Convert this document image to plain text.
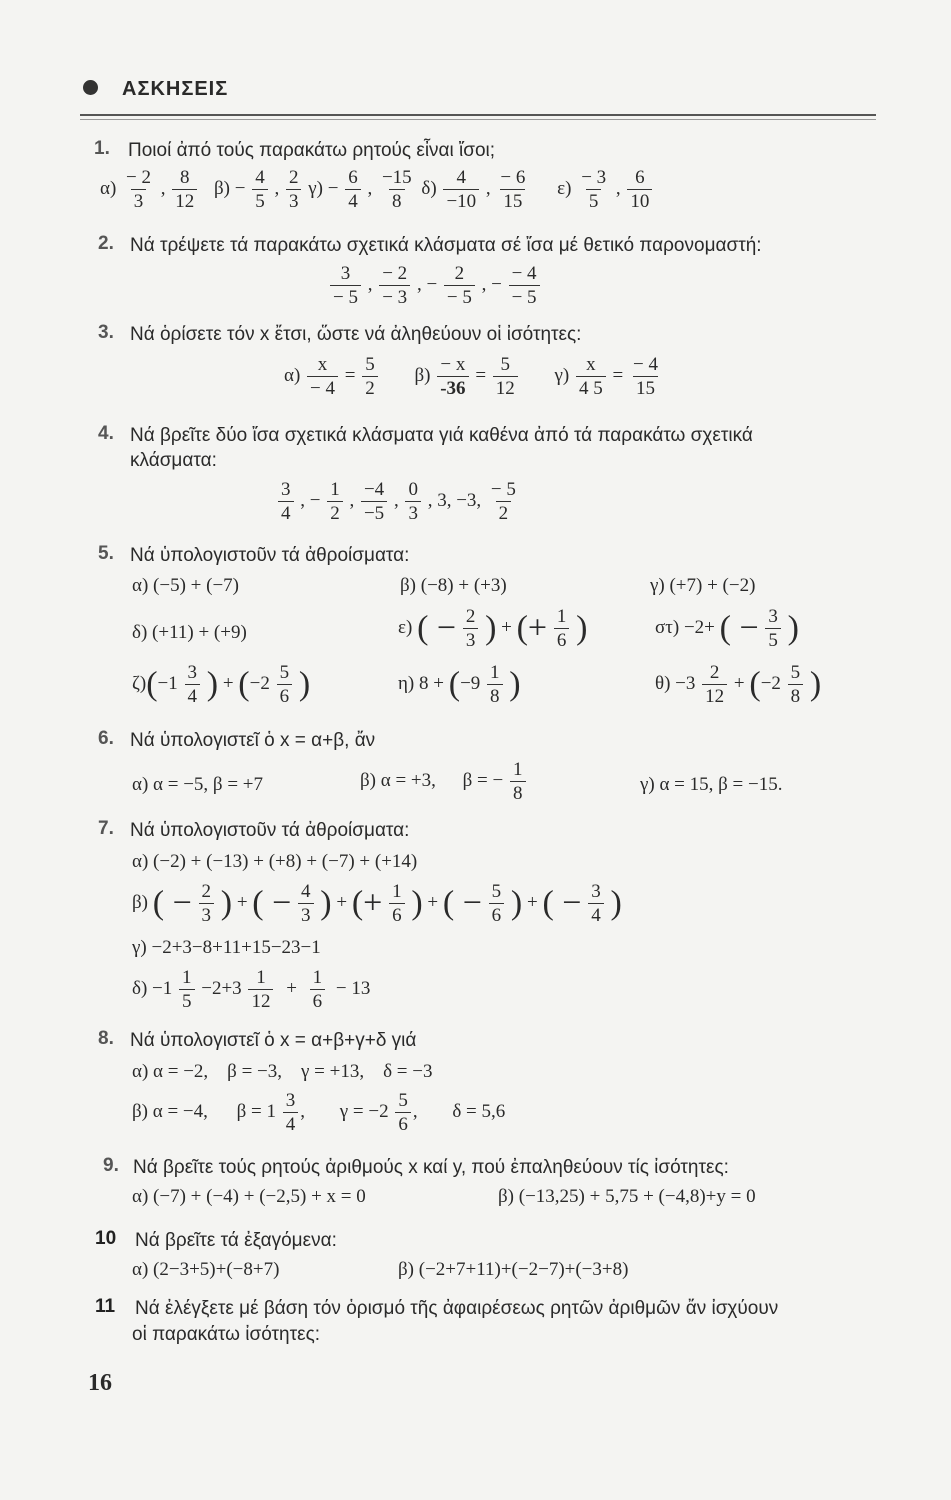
ΑΣΚΗΣΕΙΣ
1. Ποιοί ἀπό τούς παρακάτω ρητούς εἶναι ἴσοι;
$\alpha) \frac{- 2}{3}$ , $\frac{8}{12} \beta) - \frac{4}{5}$ , $\frac{2}{3} \gamma) - \frac{6}{4}$ , $\frac{-15}{8} \delta) \frac{4}{-10}$ , $\frac{- 6}{15} \varepsilon) \frac{- 3}{5}$ , $\frac{6}{10}$
2. Νά τρέψετε τά παρακάτω σχετικά κλάσματα σέ ἴσα μέ θετικό παρονομαστή:
$\frac{3}{- 5}$ , $\frac{- 2}{- 3}$ , − $\frac{2}{- 5}$ , − $\frac{- 4}{- 5}$
3. Νά ὁρίσετε τόν x ἔτσι, ὥστε νά ἀληθεύουν οἱ ἰσότητες:
$\alpha) \frac{x}{- 4} = \frac{5}{2} \beta) \frac{- x}{-36} = \frac{5}{12} \gamma) \frac{x}{4 5} = \frac{- 4}{15}$
4. Νά βρεῖτε δύο ἴσα σχετικά κλάσματα γιά καθένα ἀπό τά παρακάτω σχετικά
κλάσματα:
$\frac{3}{4}$ , − $\frac{1}{2}$ , $\frac{-4}{-5}$ , $\frac{0}{3}$ , 3, −3, $\frac{- 5}{2}$
5. Νά ὑπολογιστοῦν τά ἀθροίσματα:
α) (−5) + (−7)	β) (−8) + (+3)	γ) (+7) + (−2)
δ) (+11) + (+9)	ε) ( − $\frac{2}{3}$ ) + (+ $\frac{1}{6}$ )	στ) −2+ ( − $\frac{3}{5}$ )
$\zeta)(-1 \frac{3}{4}$ ) + ($-2 \frac{5}{6}$ )	η) $8 + (-9 \frac{1}{8}$ )	$\theta) -3 \frac{2}{12} + (-2 \frac{5}{8}$ )
6. Νά ὑπολογιστεῖ ὁ x = α+β, ἄν
α) α = −5, β = +7	β) α = +3, β = − $\frac{1}{8}$	γ) α = 15, β = −15.
7. Νά ὑπολογιστοῦν τά ἀθροίσματα:
α) (−2) + (−13) + (+8) + (−7) + (+14)
β) ( − $\frac{2}{3}$ ) + ( − $\frac{4}{3}$ ) + (+ $\frac{1}{6}$ ) + ( − $\frac{5}{6}$ ) + ( − $\frac{3}{4}$ )
γ) −2+3−8+11+15−23−1
$\delta) -1 \frac{1}{5} -2+3 \frac{1}{12} + \frac{1}{6} - 13$
8. Νά ὑπολογιστεῖ ὁ x = α+β+γ+δ γιά
α) α = −2,    β = −3,    γ = +13,    δ = −3
β) α = −4, $\beta = 1 \frac{3}{4}$ , $\gamma = -2 \frac{5}{6}$ , δ = 5,6
9. Νά βρεῖτε τούς ρητούς ἀριθμούς x καί y, πού ἐπαληθεύουν τίς ἰσότητες:
α) (−7) + (−4) + (−2,5) + x = 0	β) (−13,25) + 5,75 + (−4,8)+y = 0
10 Νά βρεῖτε τά ἐξαγόμενα:
α) (2−3+5)+(−8+7)	β) (−2+7+11)+(−2−7)+(−3+8)
11 Νά ἐλέγξετε μέ βάση τόν ὁρισμό τῆς ἀφαιρέσεως ρητῶν ἀριθμῶν ἄν ἰσχύουν
οἱ παρακάτω ἰσότητες:
16
